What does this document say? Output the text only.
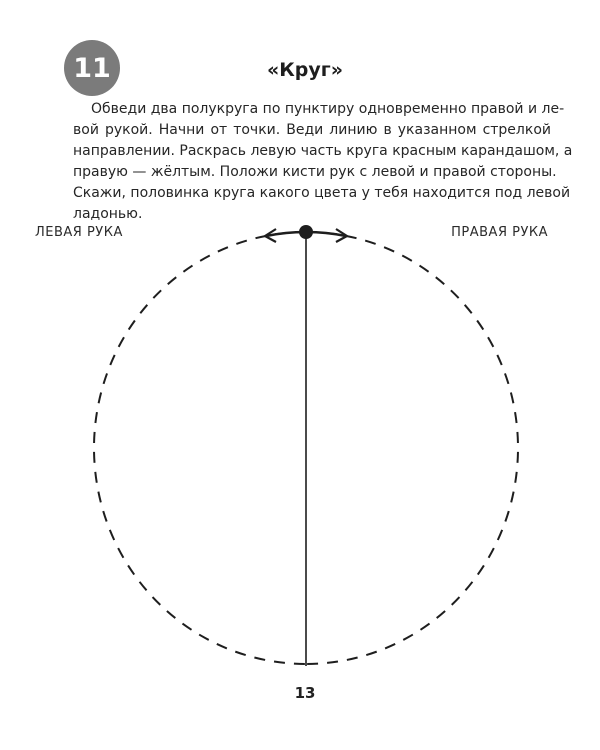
11	«Круг»
Обведи два полукруга по пунктиру одновременно правой и ле-
вой рукой. Начни от точки. Веди линию в указанном стрелкой
направлении. Раскрась левую часть круга красным карандашом, а
правую — жёлтым. Положи кисти рук с левой и правой стороны.
Скажи, половинка круга какого цвета у тебя находится под левой
ладонью.
ЛЕВАЯ РУКА	ПРАВАЯ РУКА
13
